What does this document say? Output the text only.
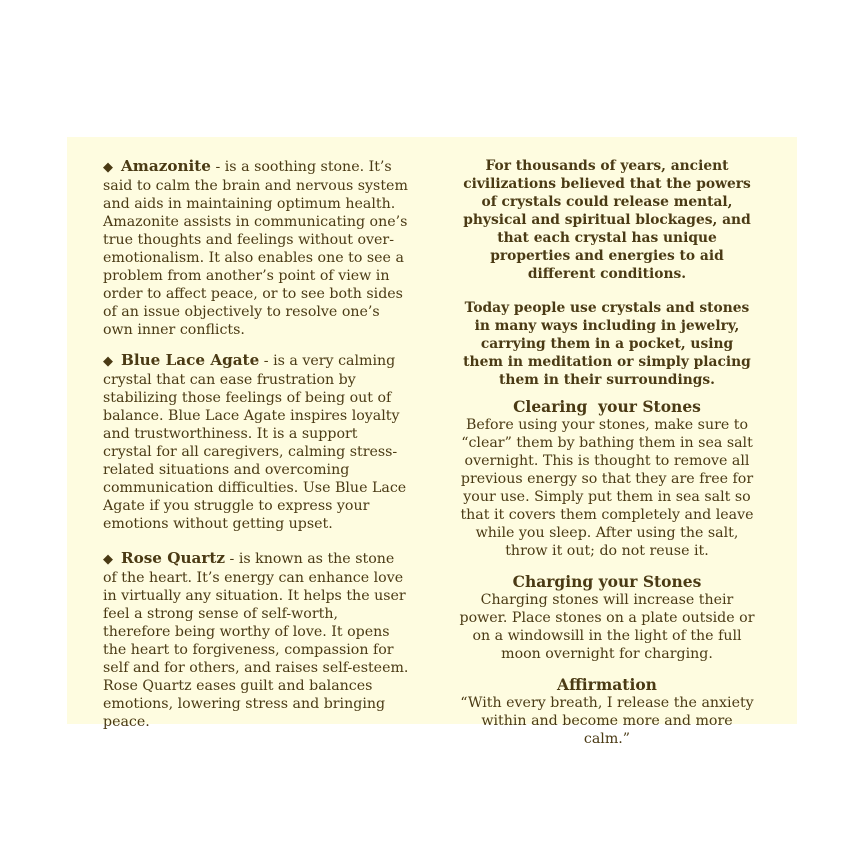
◆ Amazonite - is a soothing stone. It’s said to calm the brain and nervous system and aids in maintaining optimum health. Amazonite assists in communicating one’s true thoughts and feelings without over-emotionalism. It also enables one to see a problem from another’s point of view in order to affect peace, or to see both sides of an issue objectively to resolve one’s own inner conflicts.

◆ Blue Lace Agate - is a very calming crystal that can ease frustration by stabilizing those feelings of being out of balance. Blue Lace Agate inspires loyalty and trustworthiness. It is a support crystal for all caregivers, calming stress-related situations and overcoming communication difficulties. Use Blue Lace Agate if you struggle to express your emotions without getting upset.

◆ Rose Quartz - is known as the stone of the heart. It’s energy can enhance love in virtually any situation. It helps the user feel a strong sense of self-worth, therefore being worthy of love. It opens the heart to forgiveness, compassion for self and for others, and raises self-esteem. Rose Quartz eases guilt and balances emotions, lowering stress and bringing peace.

For thousands of years, ancient civilizations believed that the powers of crystals could release mental, physical and spiritual blockages, and that each crystal has unique properties and energies to aid different conditions.

Today people use crystals and stones in many ways including in jewelry, carrying them in a pocket, using them in meditation or simply placing them in their surroundings.

Clearing  your Stones

Before using your stones, make sure to “clear” them by bathing them in sea salt overnight. This is thought to remove all previous energy so that they are free for your use. Simply put them in sea salt so that it covers them completely and leave while you sleep. After using the salt, throw it out; do not reuse it.

Charging your Stones

Charging stones will increase their power. Place stones on a plate outside or on a windowsill in the light of the full moon overnight for charging.

Affirmation

“With every breath, I release the anxiety within and become more and more calm.”
